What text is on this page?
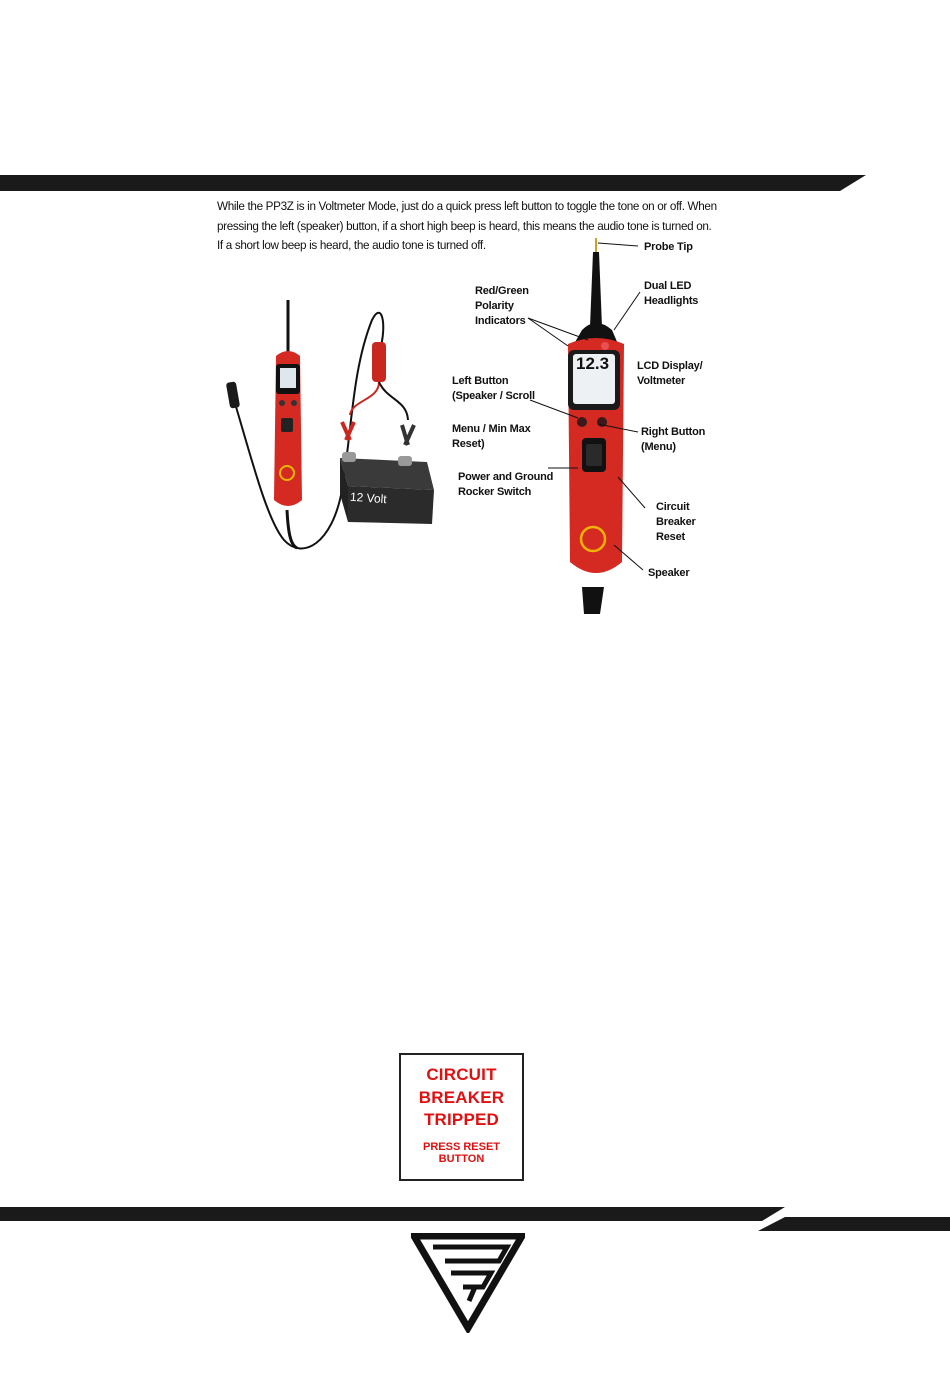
While the PP3Z is in Voltmeter Mode, just do a quick press left button to toggle the tone on or off. When
pressing the left (speaker) button, if a short high beep is heard, this means the audio tone is turned on.
If a short low beep is heard, the audio tone is turned off.
12 Volt
12.3
Probe Tip
Dual LED
Headlights
Red/Green
Polarity
Indicators
LCD Display/
Voltmeter
Left Button
(Speaker / Scroll
Menu / Min Max
Reset)
Right Button
(Menu)
Power and Ground
Rocker Switch
Circuit
Breaker
Reset
Speaker
CIRCUIT
BREAKER
TRIPPED
PRESS RESET
BUTTON
